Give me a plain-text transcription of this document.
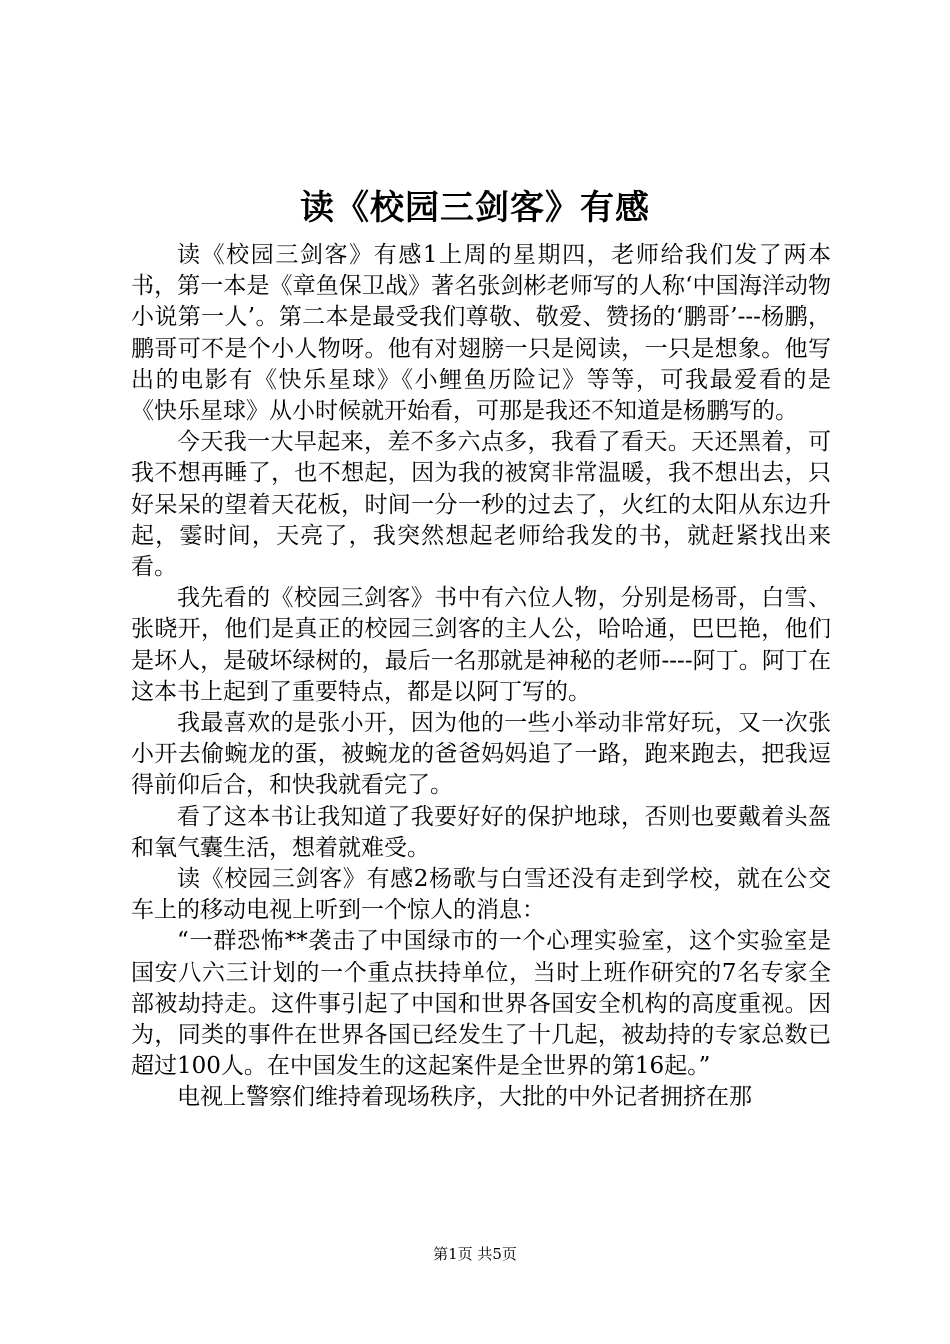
读《校园三剑客》有感

读《校园三剑客》有感1上周的星期四，老师给我们发了两本书，第一本是《章鱼保卫战》著名张剑彬老师写的人称‘中国海洋动物小说第一人’。第二本是最受我们尊敬、敬爱、赞扬的‘鹏哥’---杨鹏，鹏哥可不是个小人物呀。他有对翅膀一只是阅读，一只是想象。他写出的电影有《快乐星球》《小鲤鱼历险记》等等，可我最爱看的是《快乐星球》从小时候就开始看，可那是我还不知道是杨鹏写的。

今天我一大早起来，差不多六点多，我看了看天。天还黑着，可我不想再睡了，也不想起，因为我的被窝非常温暖，我不想出去，只好呆呆的望着天花板，时间一分一秒的过去了，火红的太阳从东边升起，霎时间，天亮了，我突然想起老师给我发的书，就赶紧找出来看。

我先看的《校园三剑客》书中有六位人物，分别是杨哥，白雪、张晓开，他们是真正的校园三剑客的主人公，哈哈通，巴巴艳，他们是坏人，是破坏绿树的，最后一名那就是神秘的老师----阿丁。阿丁在这本书上起到了重要特点，都是以阿丁写的。

我最喜欢的是张小开，因为他的一些小举动非常好玩，又一次张小开去偷蜿龙的蛋，被蜿龙的爸爸妈妈追了一路，跑来跑去，把我逗得前仰后合，和快我就看完了。

看了这本书让我知道了我要好好的保护地球，否则也要戴着头盔和氧气囊生活，想着就难受。

读《校园三剑客》有感2杨歌与白雪还没有走到学校，就在公交车上的移动电视上听到一个惊人的消息：

“一群恐怖**袭击了中国绿市的一个心理实验室，这个实验室是国安八六三计划的一个重点扶持单位，当时上班作研究的7名专家全部被劫持走。这件事引起了中国和世界各国安全机构的高度重视。因为，同类的事件在世界各国已经发生了十几起，被劫持的专家总数已超过100人。在中国发生的这起案件是全世界的第16起。”

电视上警察们维持着现场秩序，大批的中外记者拥挤在那

第1页 共5页
